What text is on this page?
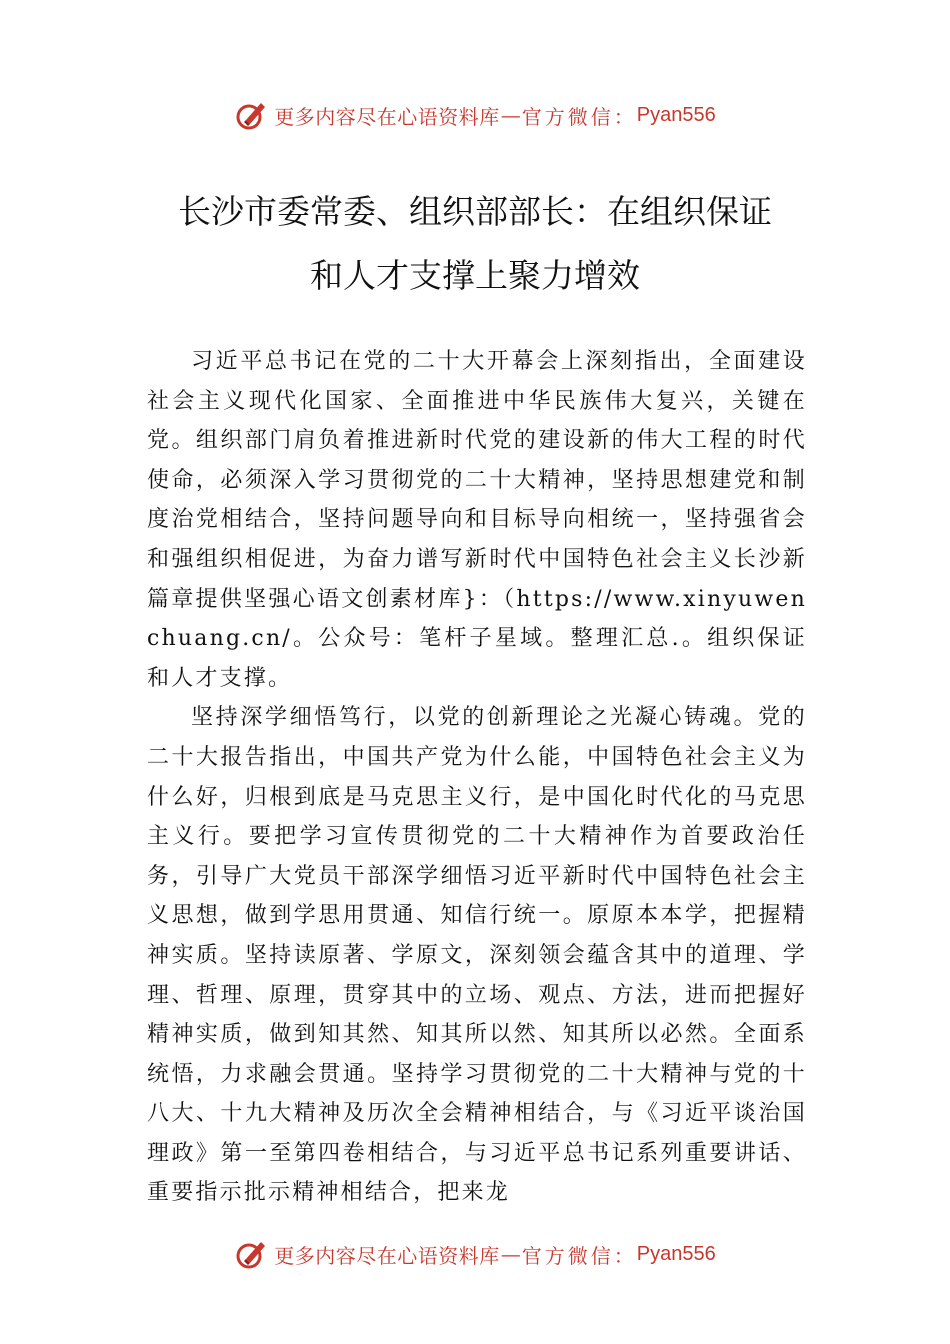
更多内容尽在心语资料库 — 官方微信： Pyan556
长沙市委常委、组织部部长：在组织保证
和人才支撑上聚力增效

习近平总书记在党的二十大开幕会上深刻指出，全面建设社会主义现代化国家、全面推进中华民族伟大复兴，关键在党。组织部门肩负着推进新时代党的建设新的伟大工程的时代使命，必须深入学习贯彻党的二十大精神，坚持思想建党和制度治党相结合，坚持问题导向和目标导向相统一，坚持强省会和强组织相促进，为奋力谱写新时代中国特色社会主义长沙新篇章提供坚强心语文创素材库}：（https://www.xinyuwenchuang.cn/。公众号：笔杆子星域。整理汇总.。组织保证和人才支撑。

坚持深学细悟笃行，以党的创新理论之光凝心铸魂。党的二十大报告指出，中国共产党为什么能，中国特色社会主义为什么好，归根到底是马克思主义行，是中国化时代化的马克思主义行。要把学习宣传贯彻党的二十大精神作为首要政治任务，引导广大党员干部深学细悟习近平新时代中国特色社会主义思想，做到学思用贯通、知信行统一。原原本本学，把握精神实质。坚持读原著、学原文，深刻领会蕴含其中的道理、学理、哲理、原理，贯穿其中的立场、观点、方法，进而把握好精神实质，做到知其然、知其所以然、知其所以必然。全面系统悟，力求融会贯通。坚持学习贯彻党的二十大精神与党的十八大、十九大精神及历次全会精神相结合，与《习近平谈治国理政》第一至第四卷相结合，与习近平总书记系列重要讲话、重要指示批示精神相结合，把来龙

更多内容尽在心语资料库 — 官方微信： Pyan556
